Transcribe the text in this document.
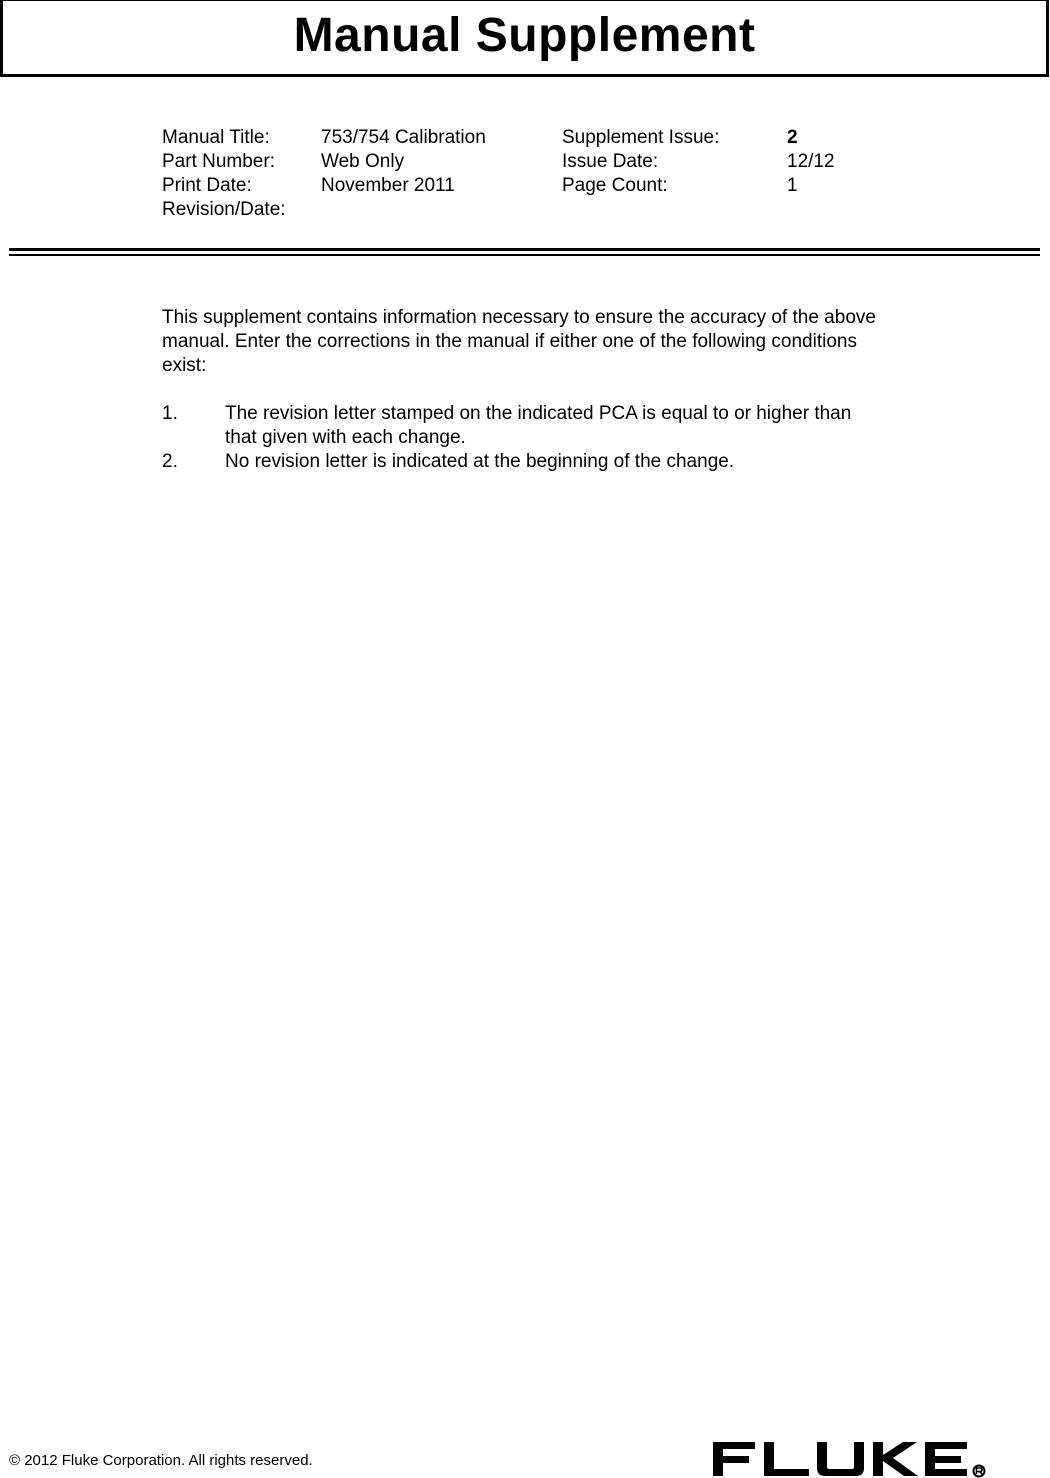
Manual Supplement
Manual Title:	753/754 Calibration	Supplement Issue:	2
Part Number: Web Only	Issue Date:	12/12
Print Date:	November 2011	Page Count:	1
Revision/Date:

This supplement contains information necessary to ensure the accuracy of the above manual. Enter the corrections in the manual if either one of the following conditions exist:

1. The revision letter stamped on the indicated PCA is equal to or higher than that given with each change.
2. No revision letter is indicated at the beginning of the change.
© 2012 Fluke Corporation. All rights reserved.
